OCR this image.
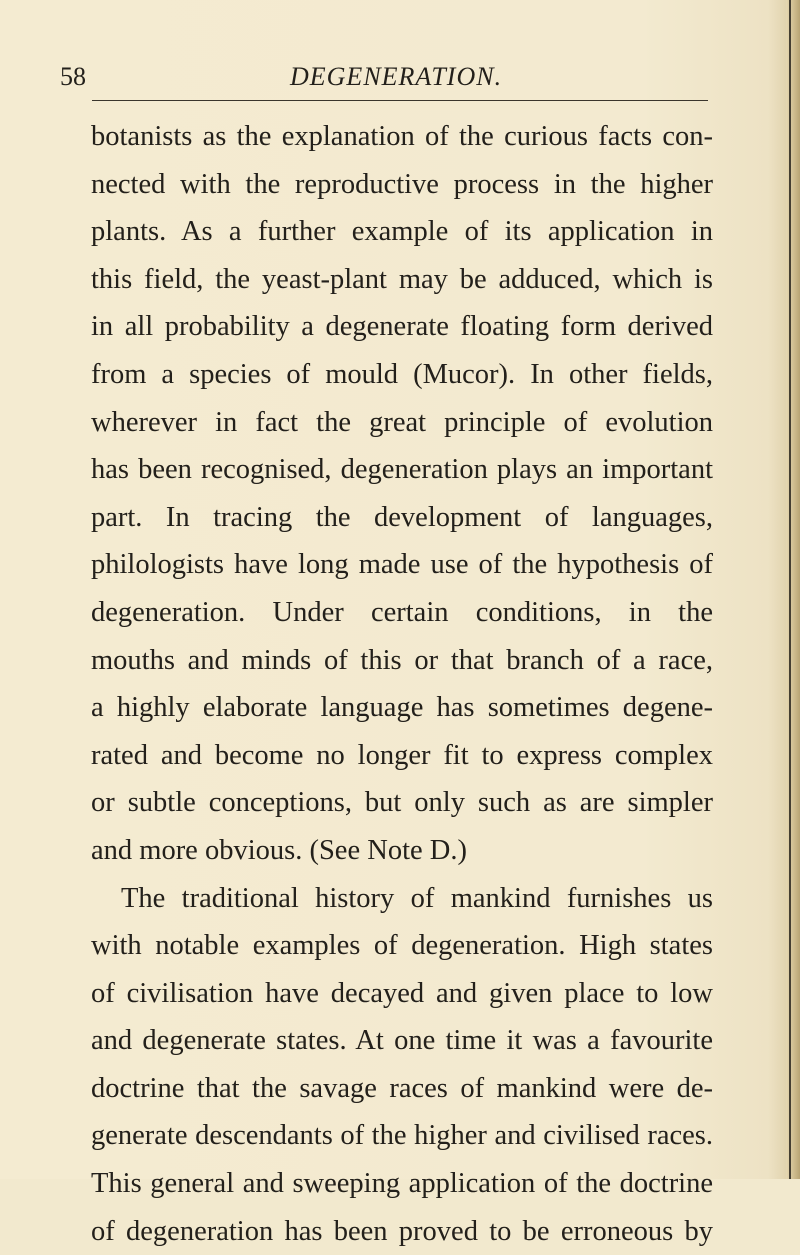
58	DEGENERATION.
botanists as the explanation of the curious facts con-
nected with the reproductive process in the higher
plants. As a further example of its application in
this field, the yeast-plant may be adduced, which is
in all probability a degenerate floating form derived
from a species of mould (Mucor). In other fields,
wherever in fact the great principle of evolution
has been recognised, degeneration plays an important
part. In tracing the development of languages,
philologists have long made use of the hypothesis of
degeneration. Under certain conditions, in the
mouths and minds of this or that branch of a race,
a highly elaborate language has sometimes degene-
rated and become no longer fit to express complex
or subtle conceptions, but only such as are simpler
and more obvious. (See Note D.)
The traditional history of mankind furnishes us
with notable examples of degeneration. High states
of civilisation have decayed and given place to low
and degenerate states. At one time it was a favourite
doctrine that the savage races of mankind were de-
generate descendants of the higher and civilised races.
This general and sweeping application of the doctrine
of degeneration has been proved to be erroneous by
